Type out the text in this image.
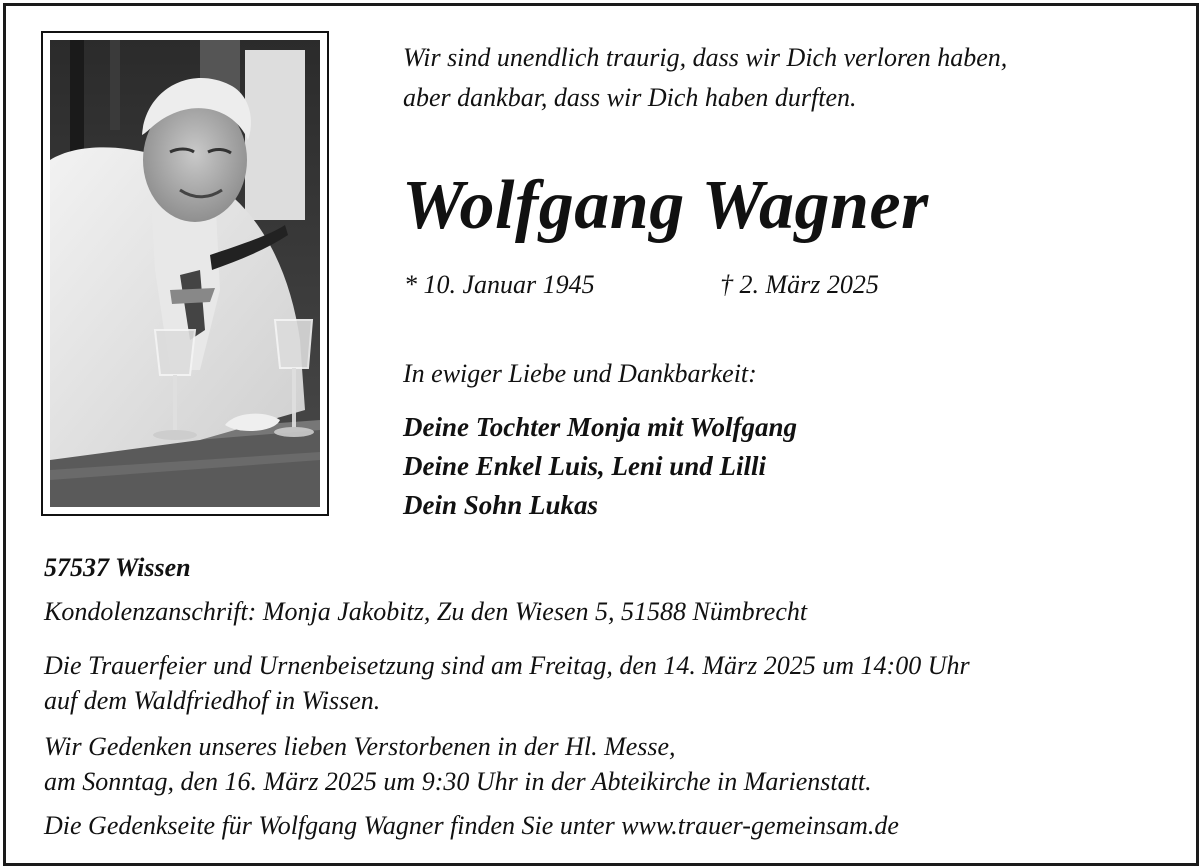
Wir sind unendlich traurig, dass wir Dich verloren haben,
aber dankbar, dass wir Dich haben durften.
Wolfgang Wagner
* 10. Januar 1945	† 2. März 2025
In ewiger Liebe und Dankbarkeit:
Deine Tochter Monja mit Wolfgang
Deine Enkel Luis, Leni und Lilli
Dein Sohn Lukas
57537 Wissen
Kondolenzanschrift: Monja Jakobitz, Zu den Wiesen 5, 51588 Nümbrecht
Die Trauerfeier und Urnenbeisetzung sind am Freitag, den 14. März 2025 um 14:00 Uhr
auf dem Waldfriedhof in Wissen.
Wir Gedenken unseres lieben Verstorbenen in der Hl. Messe,
am Sonntag, den 16. März 2025 um 9:30 Uhr in der Abteikirche in Marienstatt.
Die Gedenkseite für Wolfgang Wagner finden Sie unter www.trauer-gemeinsam.de
